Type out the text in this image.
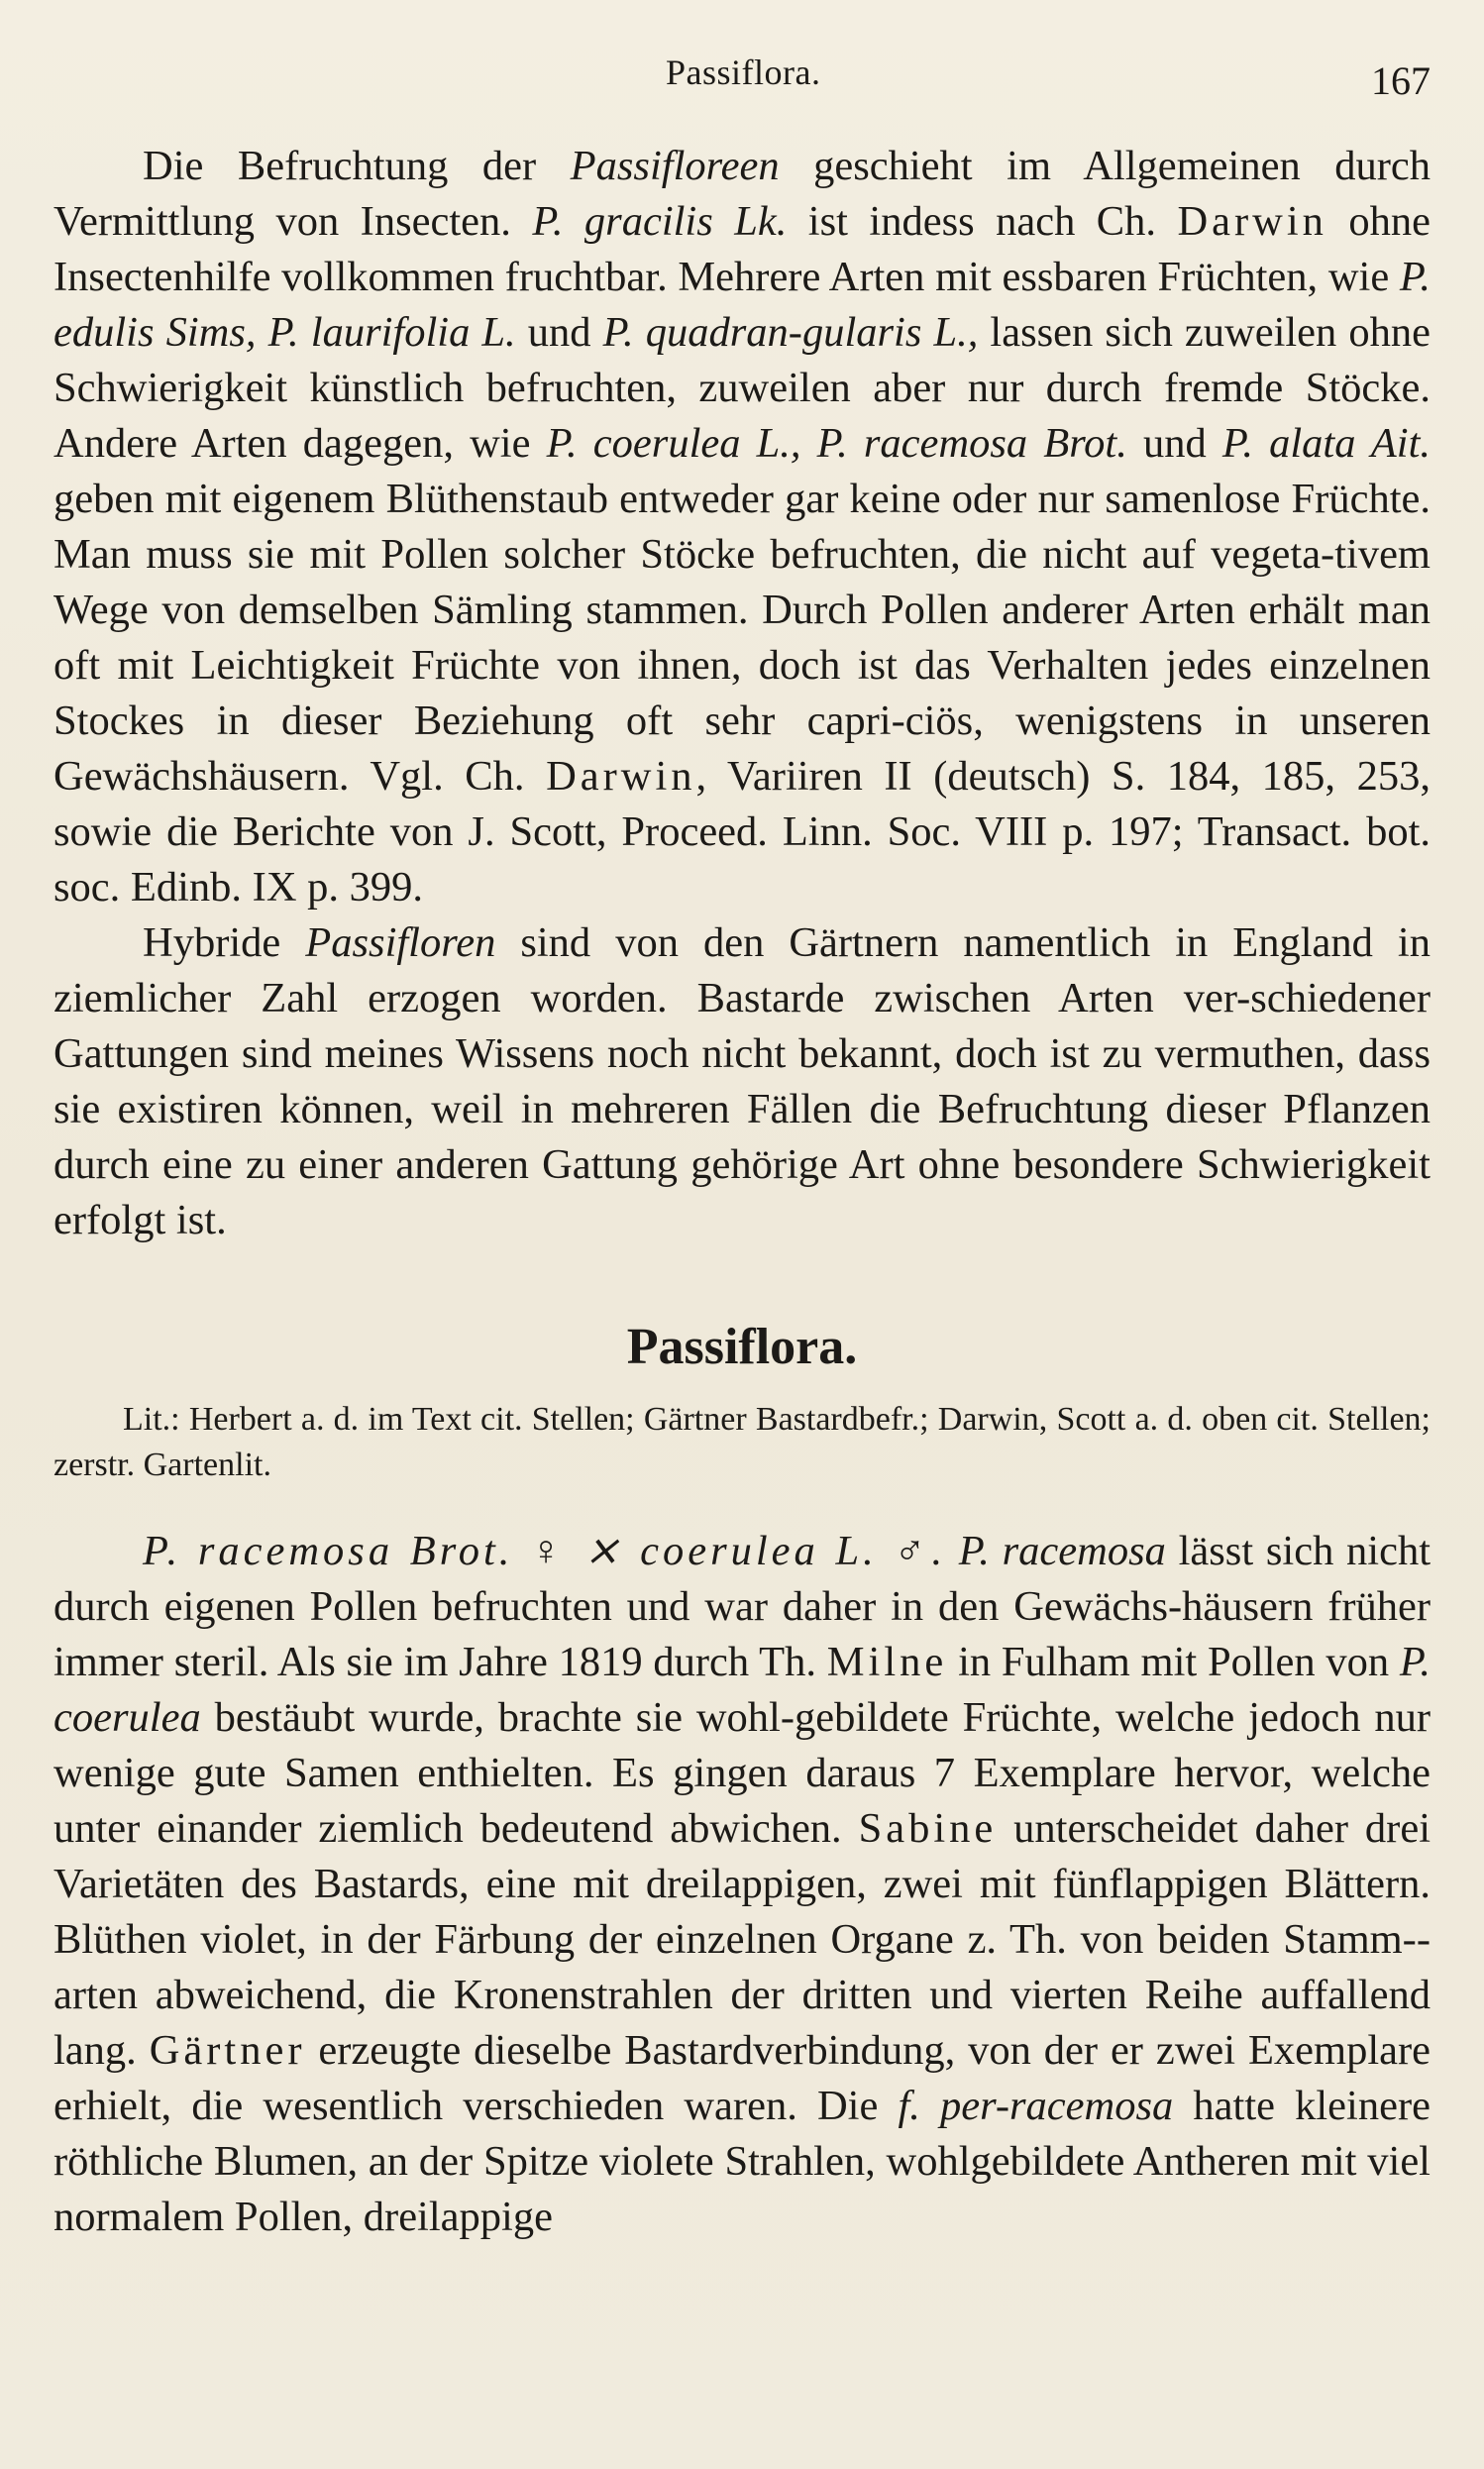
Passiflora.	167

Die Befruchtung der Passifloreen geschieht im Allgemeinen durch Vermittlung von Insecten. P. gracilis Lk. ist indess nach Ch. Darwin ohne Insectenhilfe vollkommen fruchtbar. Mehrere Arten mit essbaren Früchten, wie P. edulis Sims, P. laurifolia L. und P. quadran-gularis L., lassen sich zuweilen ohne Schwierigkeit künstlich befruchten, zuweilen aber nur durch fremde Stöcke. Andere Arten dagegen, wie P. coerulea L., P. racemosa Brot. und P. alata Ait. geben mit eigenem Blüthenstaub entweder gar keine oder nur samenlose Früchte. Man muss sie mit Pollen solcher Stöcke befruchten, die nicht auf vegeta-tivem Wege von demselben Sämling stammen. Durch Pollen anderer Arten erhält man oft mit Leichtigkeit Früchte von ihnen, doch ist das Verhalten jedes einzelnen Stockes in dieser Beziehung oft sehr capri-ciös, wenigstens in unseren Gewächshäusern. Vgl. Ch. Darwin, Variiren II (deutsch) S. 184, 185, 253, sowie die Berichte von J. Scott, Proceed. Linn. Soc. VIII p. 197; Transact. bot. soc. Edinb. IX p. 399.

Hybride Passifloren sind von den Gärtnern namentlich in England in ziemlicher Zahl erzogen worden. Bastarde zwischen Arten ver-schiedener Gattungen sind meines Wissens noch nicht bekannt, doch ist zu vermuthen, dass sie existiren können, weil in mehreren Fällen die Befruchtung dieser Pflanzen durch eine zu einer anderen Gattung gehörige Art ohne besondere Schwierigkeit erfolgt ist.

Passiflora.

Lit.: Herbert a. d. im Text cit. Stellen; Gärtner Bastardbefr.; Darwin, Scott a. d. oben cit. Stellen; zerstr. Gartenlit.

P. racemosa Brot. ♀ ⨯ coerulea L. ♂. P. racemosa lässt sich nicht durch eigenen Pollen befruchten und war daher in den Gewächs-häusern früher immer steril. Als sie im Jahre 1819 durch Th. Milne in Fulham mit Pollen von P. coerulea bestäubt wurde, brachte sie wohl-gebildete Früchte, welche jedoch nur wenige gute Samen enthielten. Es gingen daraus 7 Exemplare hervor, welche unter einander ziemlich bedeutend abwichen. Sabine unterscheidet daher drei Varietäten des Bastards, eine mit dreilappigen, zwei mit fünflappigen Blättern. Blüthen violet, in der Färbung der einzelnen Organe z. Th. von beiden Stamm-arten abweichend, die Kronenstrahlen der dritten und vierten Reihe auffallend lang. Gärtner erzeugte dieselbe Bastardverbindung, von der er zwei Exemplare erhielt, die wesentlich verschieden waren. Die f. per-racemosa hatte kleinere röthliche Blumen, an der Spitze violete Strahlen, wohlgebildete Antheren mit viel normalem Pollen, dreilappige
